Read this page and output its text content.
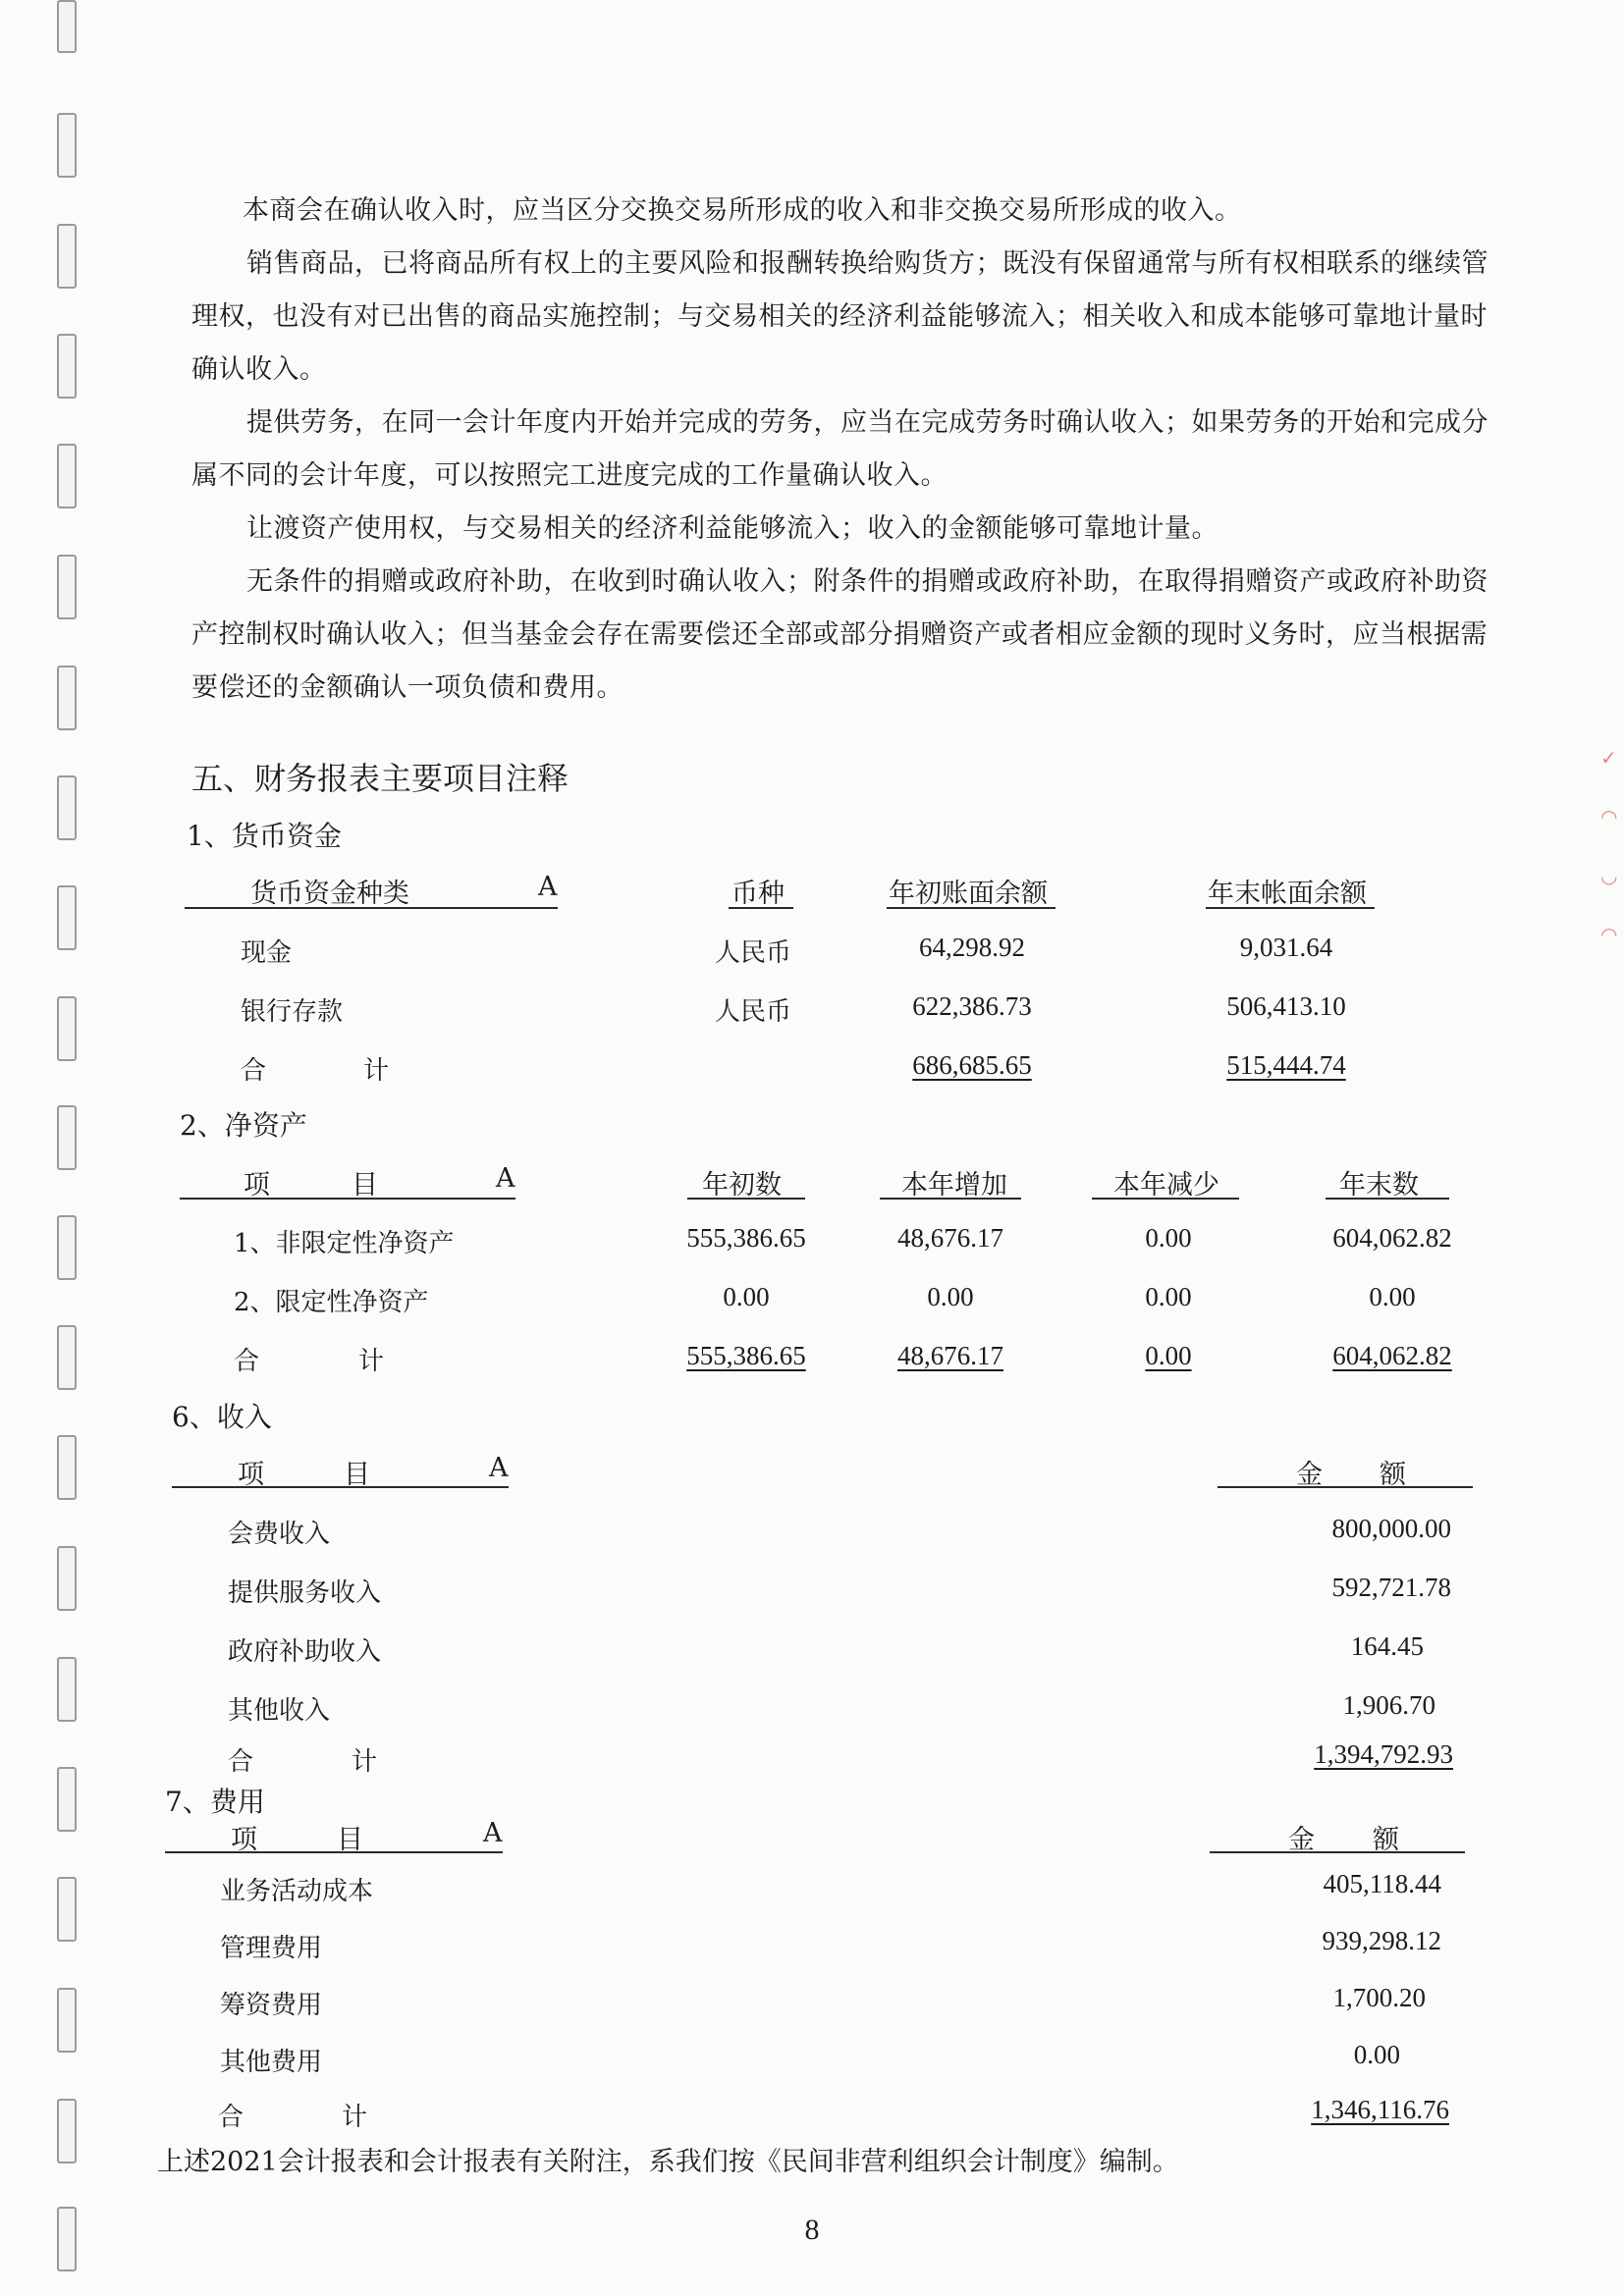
✓
◠
◡
◠
本商会在确认收入时，应当区分交换交易所形成的收入和非交换交易所形成的收入。
销售商品，已将商品所有权上的主要风险和报酬转换给购货方；既没有保留通常与所有权相联系的继续管理权，也没有对已出售的商品实施控制；与交易相关的经济利益能够流入；相关收入和成本能够可靠地计量时确认收入。
提供劳务，在同一会计年度内开始并完成的劳务，应当在完成劳务时确认收入；如果劳务的开始和完成分属不同的会计年度，可以按照完工进度完成的工作量确认收入。
让渡资产使用权，与交易相关的经济利益能够流入；收入的金额能够可靠地计量。
无条件的捐赠或政府补助，在收到时确认收入；附条件的捐赠或政府补助，在取得捐赠资产或政府补助资产控制权时确认收入；但当基金会存在需要偿还全部或部分捐赠资产或者相应金额的现时义务时，应当根据需要偿还的金额确认一项负债和费用。
五、财务报表主要项目注释
1、货币资金
货币资金种类	A	币种	年初账面余额	年末帐面余额
现金	人民币	64,298.92	9,031.64
银行存款	人民币	622,386.73	506,413.10
合	计	686,685.65	515,444.74
2、净资产
项	目	A	年初数	本年增加	本年减少	年末数
1、非限定性净资产	555,386.65	48,676.17	0.00	604,062.82
2、限定性净资产	0.00	0.00	0.00	0.00
合	计	555,386.65	48,676.17	0.00	604,062.82
6、收入
项	目	A	金 额
会费收入	800,000.00
提供服务收入	592,721.78
政府补助收入	164.45
其他收入	1,906.70
合	计	1,394,792.93
7、费用
项	目	A	金 额
业务活动成本	405,118.44
管理费用	939,298.12
筹资费用	1,700.20
其他费用	0.00
合	计	1,346,116.76
上述2021会计报表和会计报表有关附注，系我们按《民间非营利组织会计制度》编制。
8
